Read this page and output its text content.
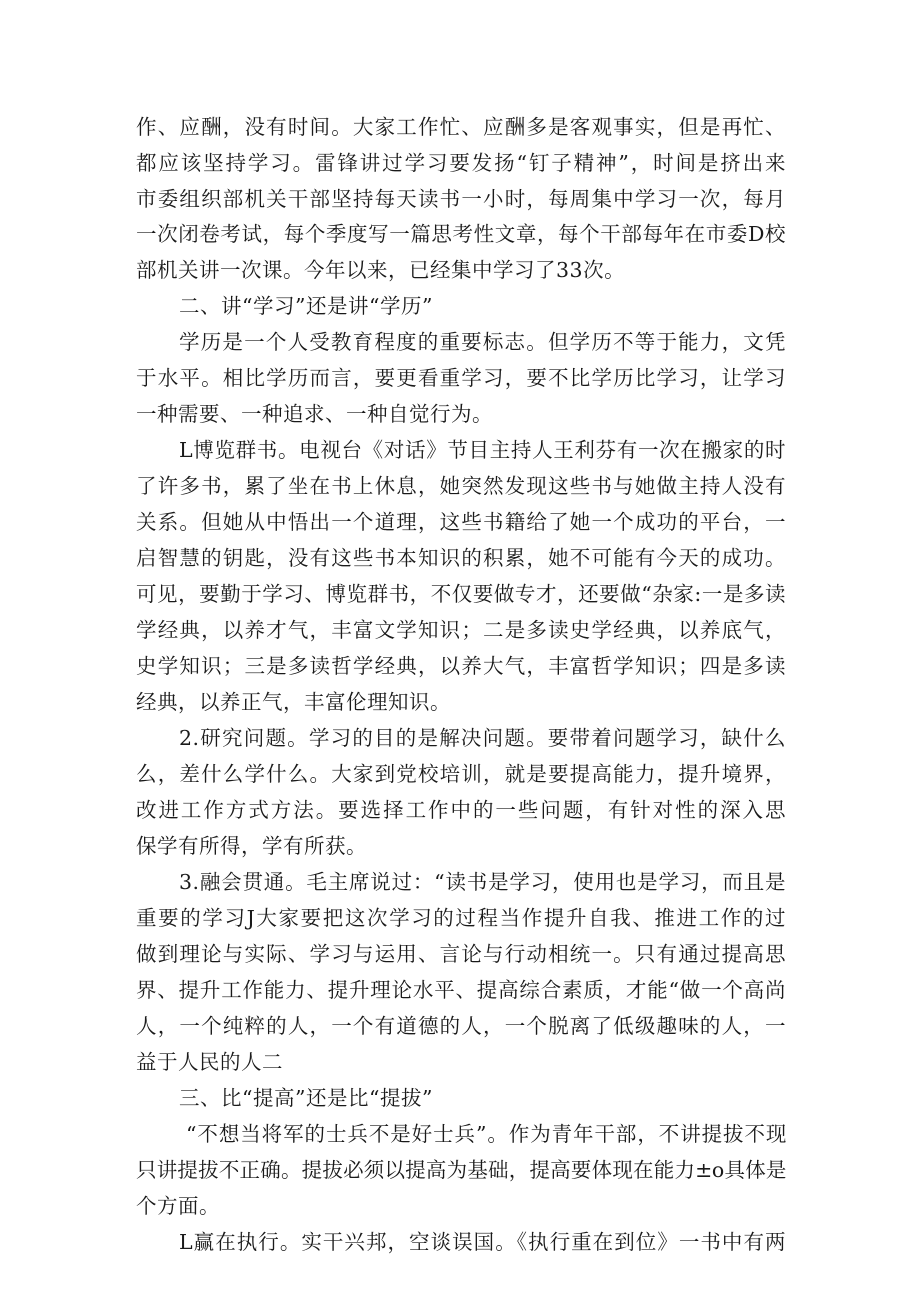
作、应酬，没有时间。大家工作忙、应酬多是客观事实，但是再忙、
都应该坚持学习。雷锋讲过学习要发扬“钉子精神”，时间是挤出来
市委组织部机关干部坚持每天读书一小时，每周集中学习一次，每月
一次闭卷考试，每个季度写一篇思考性文章，每个干部每年在市委D校
部机关讲一次课。今年以来，已经集中学习了33次。
二、讲“学习”还是讲“学历”
学历是一个人受教育程度的重要标志。但学历不等于能力，文凭
于水平。相比学历而言，要更看重学习，要不比学历比学习，让学习
一种需要、一种追求、一种自觉行为。
L博览群书。电视台《对话》节目主持人王利芬有一次在搬家的时
了许多书，累了坐在书上休息，她突然发现这些书与她做主持人没有
关系。但她从中悟出一个道理，这些书籍给了她一个成功的平台，一
启智慧的钥匙，没有这些书本知识的积累，她不可能有今天的成功。
可见，要勤于学习、博览群书，不仅要做专才，还要做“杂家:一是多读
学经典，以养才气，丰富文学知识；二是多读史学经典，以养底气，
史学知识；三是多读哲学经典，以养大气，丰富哲学知识；四是多读
经典，以养正气，丰富伦理知识。
2.研究问题。学习的目的是解决问题。要带着问题学习，缺什么
么，差什么学什么。大家到党校培训，就是要提高能力，提升境界，
改进工作方式方法。要选择工作中的一些问题，有针对性的深入思
保学有所得，学有所获。
3.融会贯通。毛主席说过：“读书是学习，使用也是学习，而且是
重要的学习J大家要把这次学习的过程当作提升自我、推进工作的过
做到理论与实际、学习与运用、言论与行动相统一。只有通过提高思
界、提升工作能力、提升理论水平、提高综合素质，才能“做一个高尚
人，一个纯粹的人，一个有道德的人，一个脱离了低级趣味的人，一
益于人民的人二
三、比“提高”还是比“提拔”
“不想当将军的士兵不是好士兵”。作为青年干部，不讲提拔不现
只讲提拔不正确。提拔必须以提高为基础，提高要体现在能力±o具体是
个方面。
L赢在执行。实干兴邦，空谈误国。《执行重在到位》一书中有两
